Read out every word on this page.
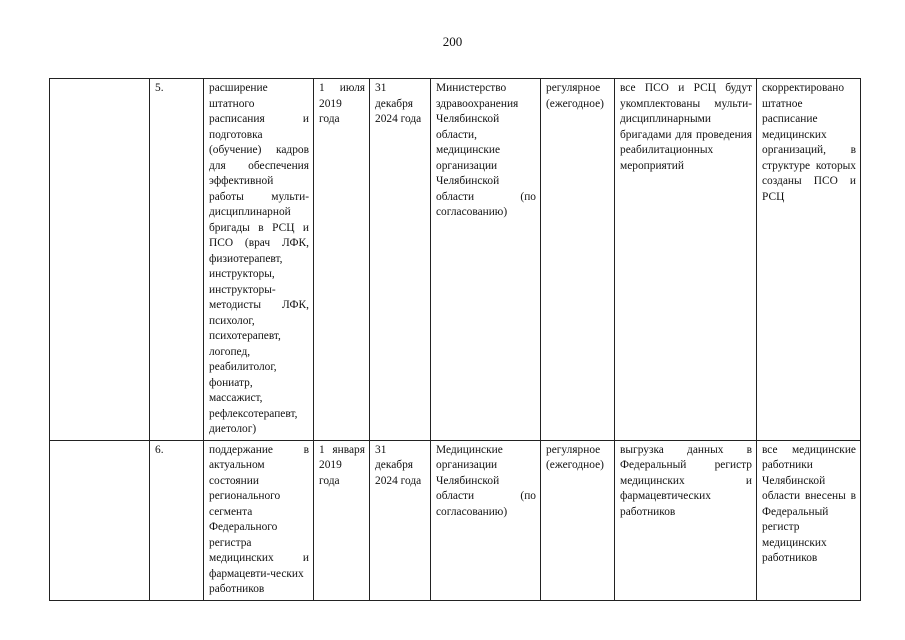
200
	5.	расширение штатного расписания и подготовка (обучение) кадров для обеспечения эффективной работы мульти-дисциплинарной бригады в РСЦ и ПСО (врач ЛФК, физиотерапевт, инструкторы, инструкторы-методисты ЛФК, психолог, психотерапевт, логопед, реабилитолог, фониатр, массажист, рефлексотерапевт, диетолог)	1 июля 2019 года	31 декабря 2024 года	Министерство здравоохранения Челябинской области, медицинские организации Челябинской области (по согласованию)	регулярное (ежегодное)	все ПСО и РСЦ будут укомплектованы мульти-дисциплинарными бригадами для проведения реабилитационных мероприятий	скорректировано штатное расписание медицинских организаций, в структуре которых созданы ПСО и РСЦ
	6.	поддержание в актуальном состоянии регионального сегмента Федерального регистра медицинских и фармацевти-ческих работников	1 января 2019 года	31 декабря 2024 года	Медицинские организации Челябинской области (по согласованию)	регулярное (ежегодное)	выгрузка данных в Федеральный регистр медицинских и фармацевтических работников	все медицинские работники Челябинской области внесены в Федеральный регистр медицинских работников
